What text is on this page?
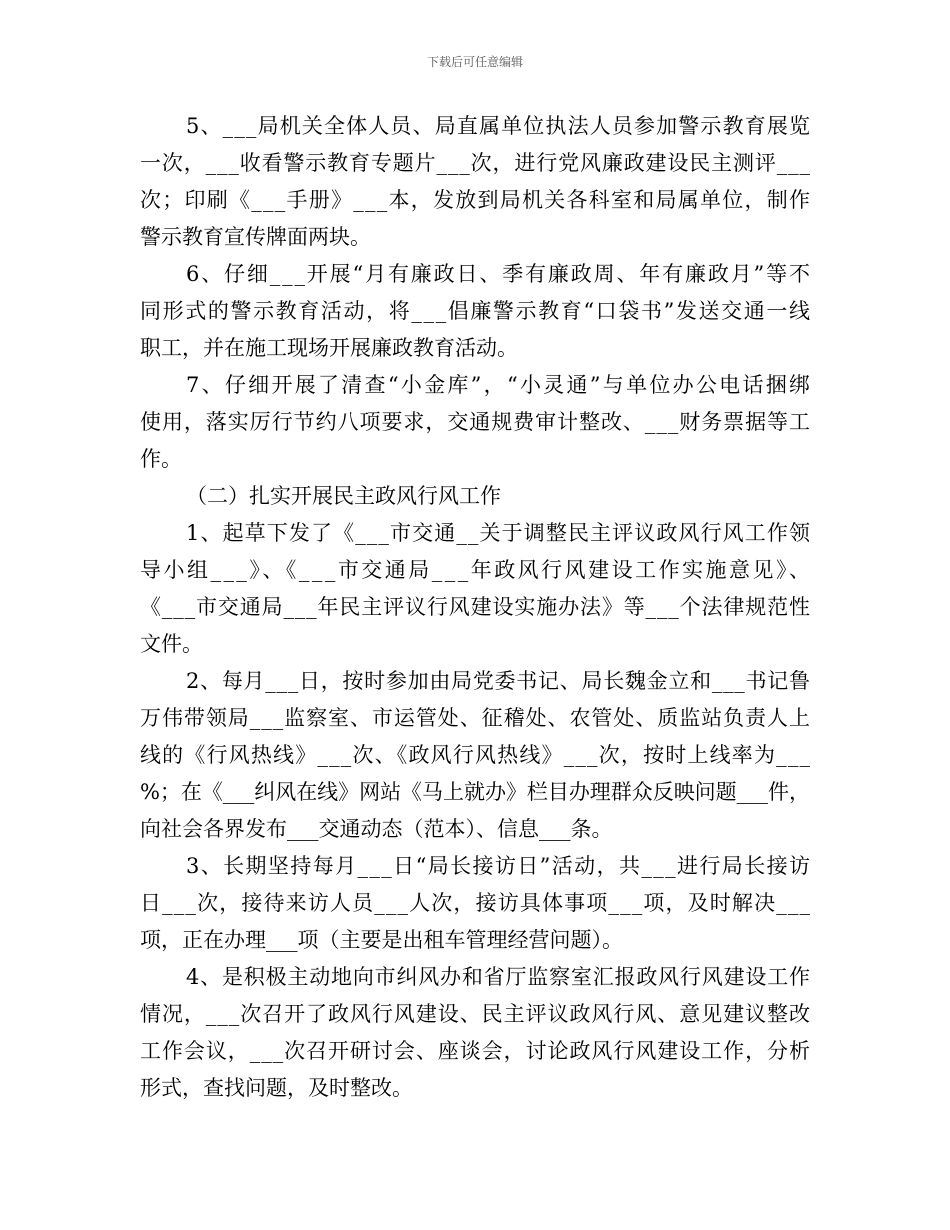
下载后可任意编辑
5、___局机关全体人员、局直属单位执法人员参加警示教育展览
一次，___收看警示教育专题片___次，进行党风廉政建设民主测评___
次；印刷《___手册》___本，发放到局机关各科室和局属单位，制作
警示教育宣传牌面两块。
6、仔细___开展“月有廉政日、季有廉政周、年有廉政月”等不
同形式的警示教育活动，将___倡廉警示教育“口袋书”发送交通一线
职工，并在施工现场开展廉政教育活动。
7、仔细开展了清查“小金库”，“小灵通”与单位办公电话捆绑
使用，落实厉行节约八项要求，交通规费审计整改、___财务票据等工
作。
（二）扎实开展民主政风行风工作
1、起草下发了《___市交通__关于调整民主评议政风行风工作领
导小组___》、《___市交通局___年政风行风建设工作实施意见》、
《___市交通局___年民主评议行风建设实施办法》等___个法律规范性
文件。
2、每月___日，按时参加由局党委书记、局长魏金立和___书记鲁
万伟带领局___监察室、市运管处、征稽处、农管处、质监站负责人上
线的《行风热线》___次、《政风行风热线》___次，按时上线率为___
%；在《___纠风在线》网站《马上就办》栏目办理群众反映问题___件，
向社会各界发布___交通动态（范本）、信息___条。
3、长期坚持每月___日“局长接访日”活动，共___进行局长接访
日___次，接待来访人员___人次，接访具体事项___项，及时解决___
项，正在办理___项（主要是出租车管理经营问题）。
4、是积极主动地向市纠风办和省厅监察室汇报政风行风建设工作
情况，___次召开了政风行风建设、民主评议政风行风、意见建议整改
工作会议，___次召开研讨会、座谈会，讨论政风行风建设工作，分析
形式，查找问题，及时整改。
